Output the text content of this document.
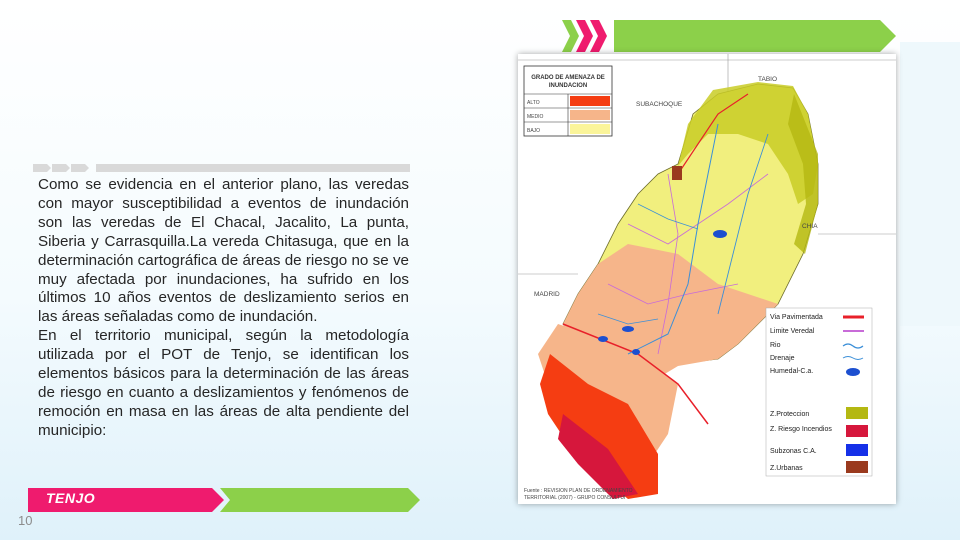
Como se evidencia en el anterior plano, las veredas con mayor susceptibilidad a eventos de inundación son las veredas de El Chacal, Jacalito, La punta, Siberia y Carrasquilla.La vereda Chitasuga, que en la determinación cartográfica de áreas de riesgo no se ve muy afectada por inundaciones, ha sufrido en los últimos 10 años eventos de deslizamiento serios en las áreas señaladas como de inundación.

En el territorio municipal, según la metodología utilizada por el POT de Tenjo, se identifican los elementos básicos para la determinación de las áreas de riesgo en cuanto a deslizamientos y fenómenos de remoción en masa en las áreas de alta pendiente del municipio:

TABIO
SUBACHOQUE
CHIA
MADRID
GRADO DE AMENAZA DE
INUNDACION
ALTO
MEDIO
BAJO
Via Pavimentada
Limite Veredal
Rio
Drenaje
Humedal-C.a.
Z.Proteccion
Z. Riesgo Incendios
Subzonas C.A.
Z.Urbanas
Fuente : REVISION PLAN DE ORDENAMIENTO
TERRITORIAL (2007) - GRUPO CONSULTUI
TENJO
10
